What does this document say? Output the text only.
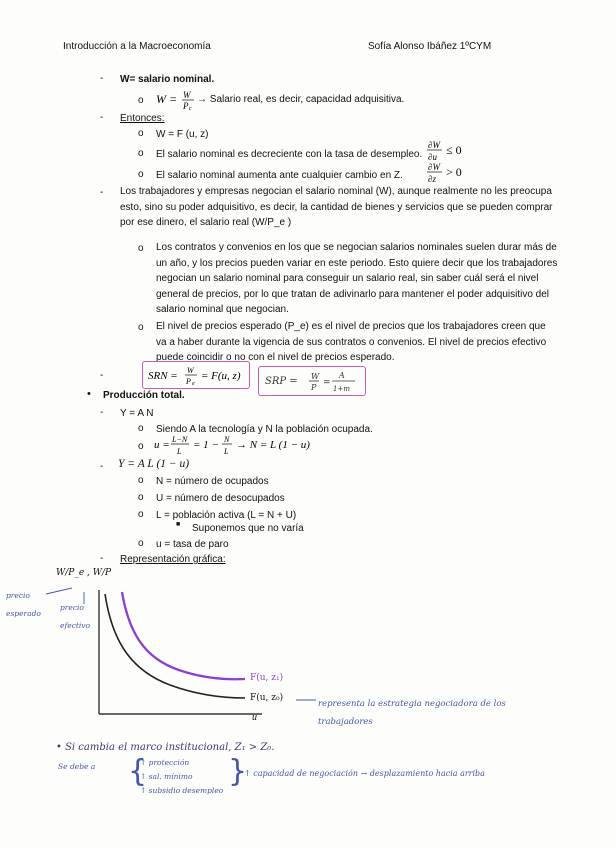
Introducción a la Macroeconomía	Sofía Alonso Ibáñez 1ºCYM
- W= salario nominal.
o W = W
P c
→ Salario real, es decir, capacidad adquisitiva.
- Entonces:
o W = F (u, z)
o El salario nominal es decreciente con la tasa de desempleo.
∂W
∂u ≤ 0
o El salario nominal aumenta ante cualquier cambio en Z.
∂W
∂z > 0
- Los trabajadores y empresas negocian el salario nominal (W), aunque realmente no les preocupa esto, sino su poder adquisitivo, es decir, la cantidad de bienes y servicios que se pueden comprar por ese dinero, el salario real (W/P_e )
o Los contratos y convenios en los que se negocian salarios nominales suelen durar más de un año, y los precios pueden variar en este periodo. Esto quiere decir que los trabajadores negocian un salario nominal para conseguir un salario real, sin saber cuál será el nivel general de precios, por lo que tratan de adivinarlo para mantener el poder adquisitivo del salario nominal que negocian.
o El nivel de precios esperado (P_e) es el nivel de precios que los trabajadores creen que va a haber durante la vigencia de sus contratos o convenios. El nivel de precios efectivo puede coincidir o no con el nivel de precios esperado.
-	SRN = W
P e
= F(u, z) SRP = W
P =
A
1+m
• Producción total.
- Y = A N
o Siendo A la tecnología y N la población ocupada.
o u = L−N
L
= 1 − N
L
→ N = L (1 − u)
- Y = A L (1 − u)
o N = número de ocupados
o U = número de desocupados
o L = población activa (L = N + U)
■ Suponemos que no varía
o u = tasa de paro
- Representación gráfica:
W/P_e , W/P
precio esperado
precio efectivo
F(u, z₁)
F(u, z₀)
u
representa la estrategia negociadora de los trabajadores
• Si cambia el marco institucional, Z₁ > Z₀.
Se debe a {
↑ protección
↑ sal. mínimo
↑ subsidio desempleo
}
↑ capacidad de negociación → desplazamiento hacia arriba
